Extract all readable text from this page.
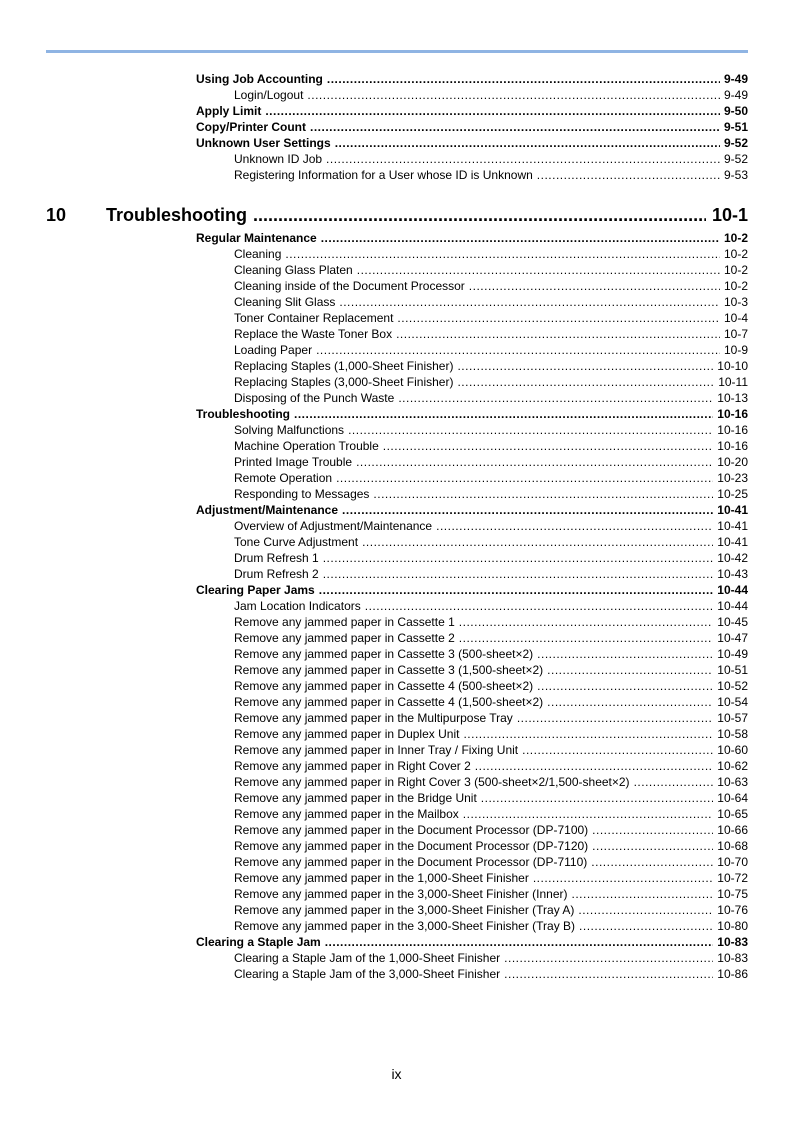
Using Job Accounting .....	9-49
Login/Logout .....	9-49
Apply Limit .....	9-50
Copy/Printer Count .....	9-51
Unknown User Settings .....	9-52
Unknown ID Job .....	9-52
Registering Information for a User whose ID is Unknown .....	9-53
10	Troubleshooting .....	10-1
Regular Maintenance .....	10-2
Cleaning .....	10-2
Cleaning Glass Platen .....	10-2
Cleaning inside of the Document Processor .....	10-2
Cleaning Slit Glass .....	10-3
Toner Container Replacement .....	10-4
Replace the Waste Toner Box .....	10-7
Loading Paper .....	10-9
Replacing Staples (1,000-Sheet Finisher) .....	10-10
Replacing Staples (3,000-Sheet Finisher) .....	10-11
Disposing of the Punch Waste .....	10-13
Troubleshooting .....	10-16
Solving Malfunctions .....	10-16
Machine Operation Trouble .....	10-16
Printed Image Trouble .....	10-20
Remote Operation .....	10-23
Responding to Messages .....	10-25
Adjustment/Maintenance .....	10-41
Overview of Adjustment/Maintenance .....	10-41
Tone Curve Adjustment .....	10-41
Drum Refresh 1 .....	10-42
Drum Refresh 2 .....	10-43
Clearing Paper Jams .....	10-44
Jam Location Indicators .....	10-44
Remove any jammed paper in Cassette 1 .....	10-45
Remove any jammed paper in Cassette 2 .....	10-47
Remove any jammed paper in Cassette 3 (500-sheet×2) .....	10-49
Remove any jammed paper in Cassette 3 (1,500-sheet×2) .....	10-51
Remove any jammed paper in Cassette 4 (500-sheet×2) .....	10-52
Remove any jammed paper in Cassette 4 (1,500-sheet×2) .....	10-54
Remove any jammed paper in the Multipurpose Tray .....	10-57
Remove any jammed paper in Duplex Unit .....	10-58
Remove any jammed paper in Inner Tray / Fixing Unit .....	10-60
Remove any jammed paper in Right Cover 2 .....	10-62
Remove any jammed paper in Right Cover 3 (500-sheet×2/1,500-sheet×2) .....	10-63
Remove any jammed paper in the Bridge Unit .....	10-64
Remove any jammed paper in the Mailbox .....	10-65
Remove any jammed paper in the Document Processor (DP-7100) .....	10-66
Remove any jammed paper in the Document Processor (DP-7120) .....	10-68
Remove any jammed paper in the Document Processor (DP-7110) .....	10-70
Remove any jammed paper in the 1,000-Sheet Finisher .....	10-72
Remove any jammed paper in the 3,000-Sheet Finisher (Inner) .....	10-75
Remove any jammed paper in the 3,000-Sheet Finisher (Tray A) .....	10-76
Remove any jammed paper in the 3,000-Sheet Finisher (Tray B) .....	10-80
Clearing a Staple Jam .....	10-83
Clearing a Staple Jam of the 1,000-Sheet Finisher .....	10-83
Clearing a Staple Jam of the 3,000-Sheet Finisher .....	10-86
ix
